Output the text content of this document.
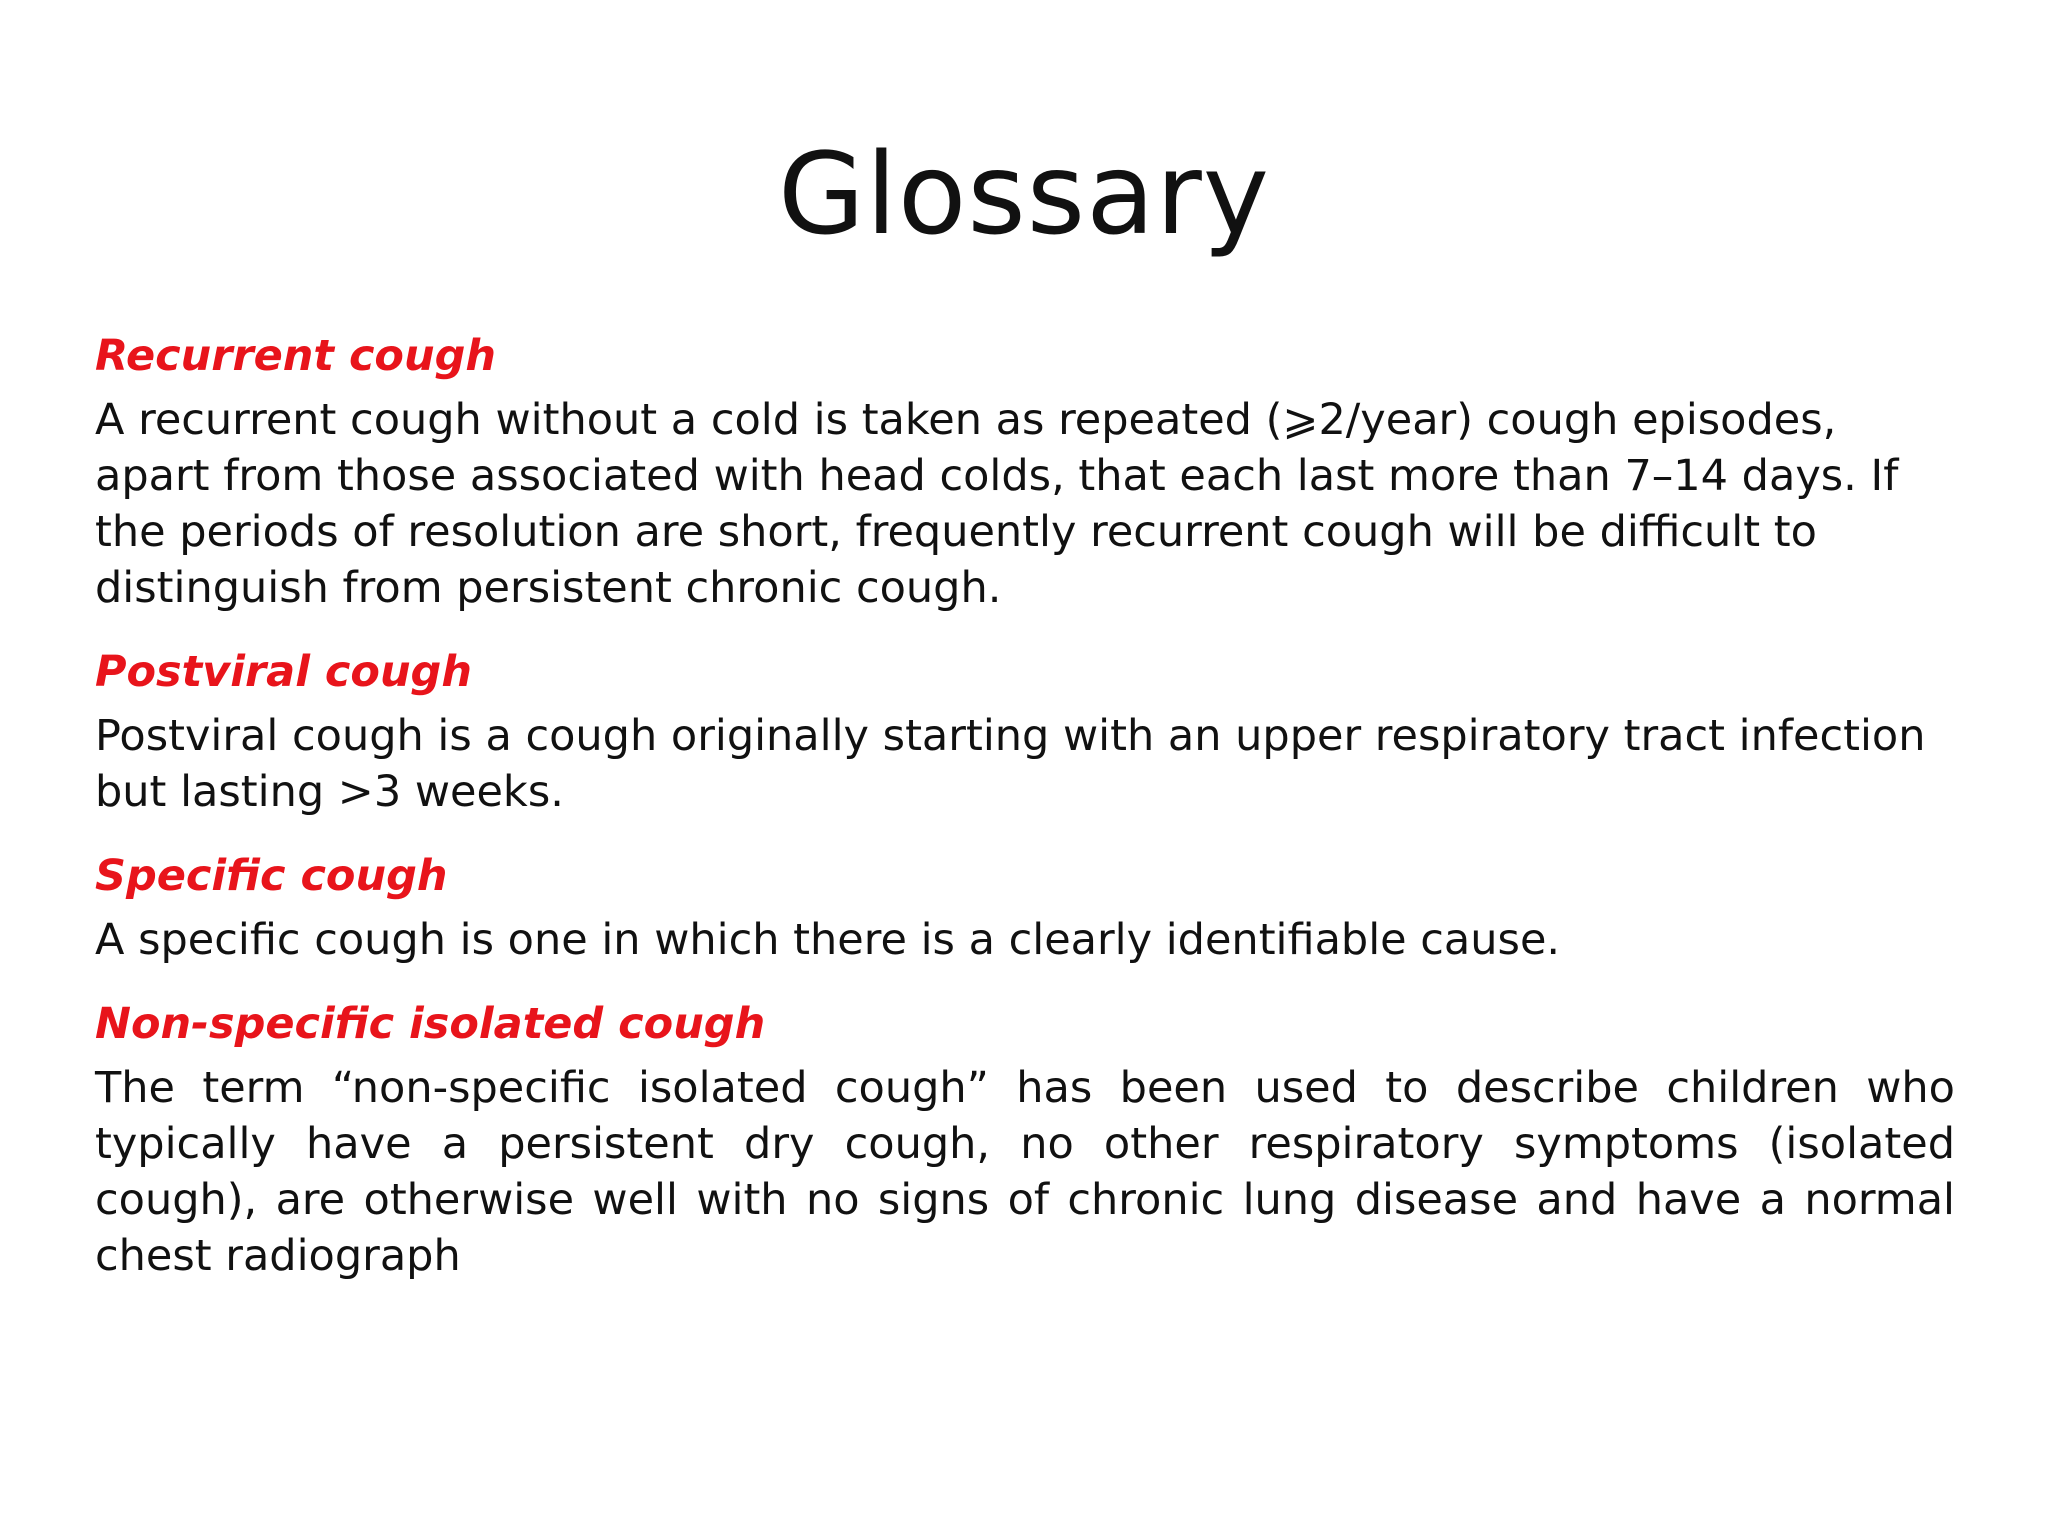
Glossary

Recurrent cough

A recurrent cough without a cold is taken as repeated (⩾2/year) cough episodes, apart from those associated with head colds, that each last more than 7–14 days. If the periods of resolution are short, frequently recurrent cough will be difficult to distinguish from persistent chronic cough.

Postviral cough

Postviral cough is a cough originally starting with an upper respiratory tract infection but lasting >3 weeks.

Specific cough

A specific cough is one in which there is a clearly identifiable cause.

Non-specific isolated cough

The term “non-specific isolated cough” has been used to describe children who typically have a persistent dry cough, no other respiratory symptoms (isolated cough), are otherwise well with no signs of chronic lung disease and have a normal chest radiograph
